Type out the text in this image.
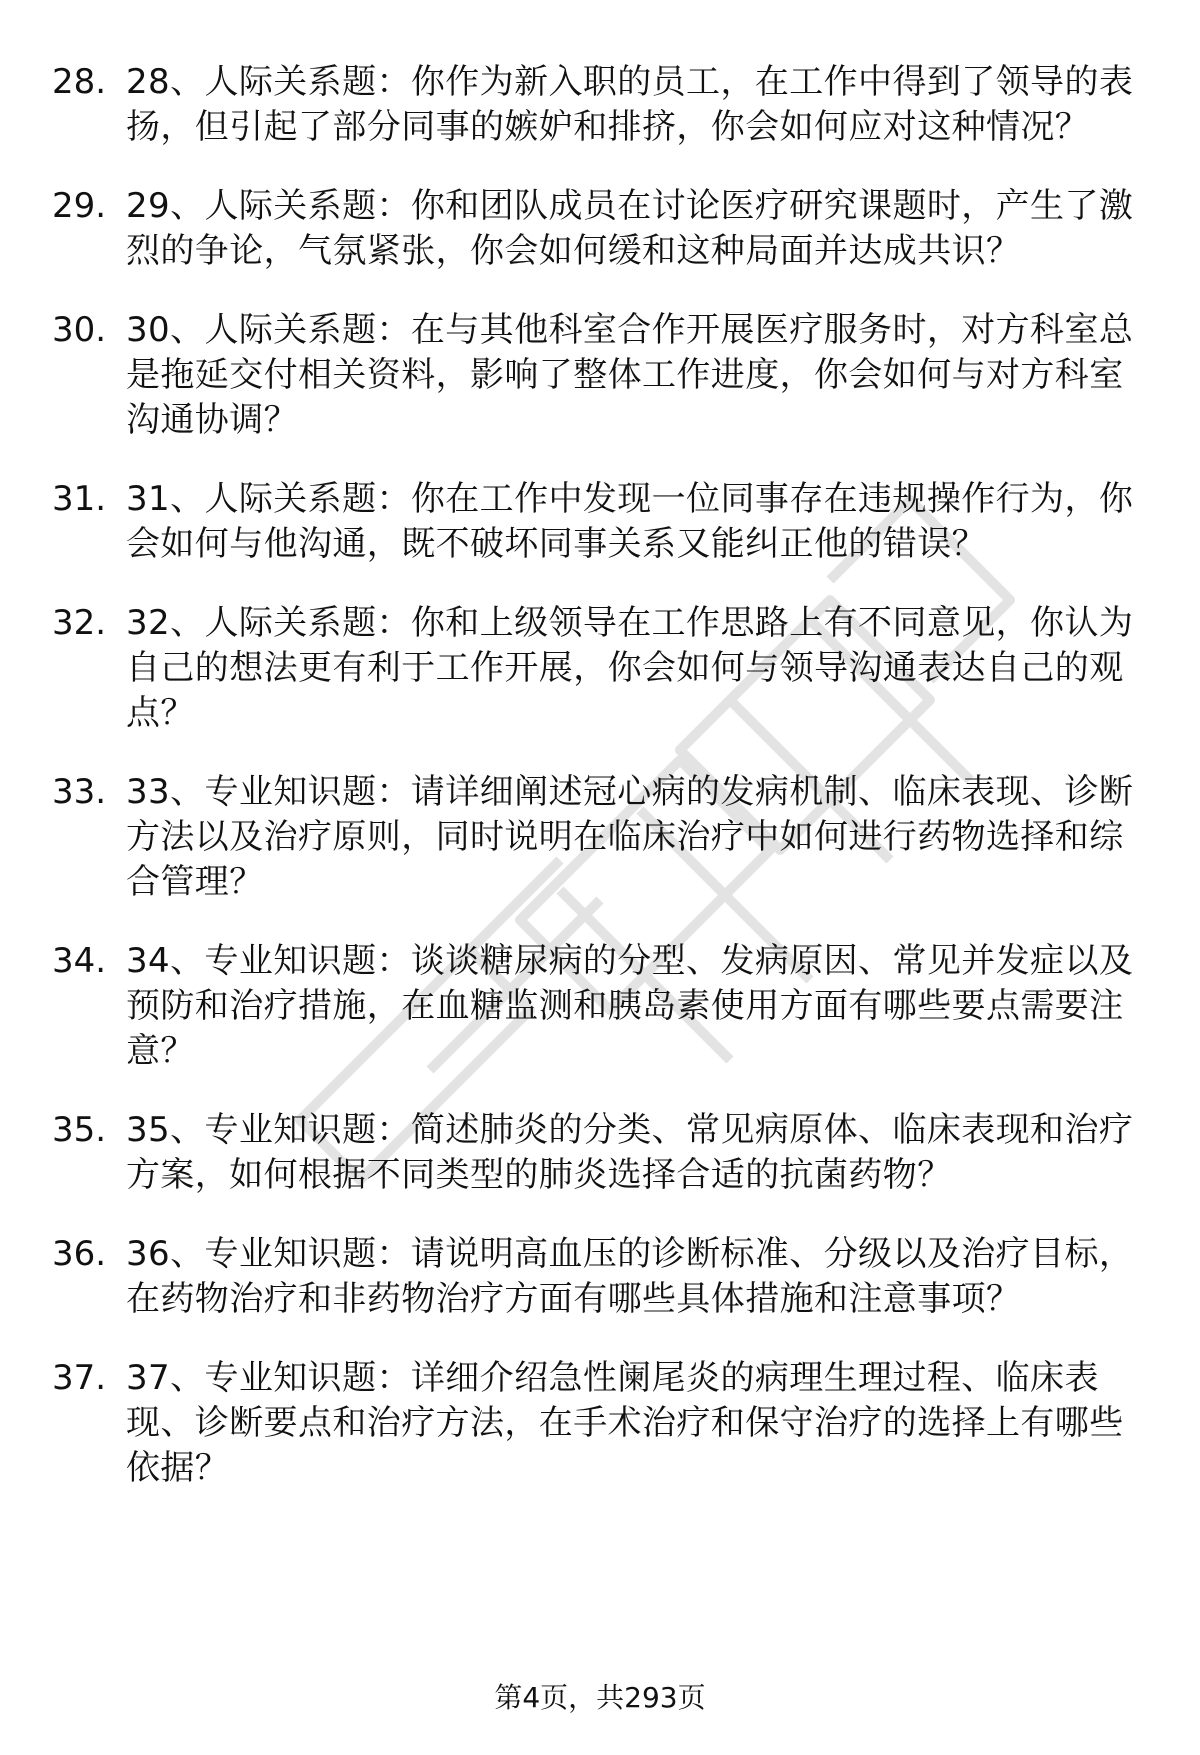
28. 28、人际关系题：你作为新入职的员工，在工作中得到了领导的表扬，但引起了部分同事的嫉妒和排挤，你会如何应对这种情况？
29. 29、人际关系题：你和团队成员在讨论医疗研究课题时，产生了激烈的争论，气氛紧张，你会如何缓和这种局面并达成共识？
30. 30、人际关系题：在与其他科室合作开展医疗服务时，对方科室总是拖延交付相关资料，影响了整体工作进度，你会如何与对方科室沟通协调？
31. 31、人际关系题：你在工作中发现一位同事存在违规操作行为，你会如何与他沟通，既不破坏同事关系又能纠正他的错误？
32. 32、人际关系题：你和上级领导在工作思路上有不同意见，你认为自己的想法更有利于工作开展，你会如何与领导沟通表达自己的观点？
33. 33、专业知识题：请详细阐述冠心病的发病机制、临床表现、诊断方法以及治疗原则，同时说明在临床治疗中如何进行药物选择和综合管理？
34. 34、专业知识题：谈谈糖尿病的分型、发病原因、常见并发症以及预防和治疗措施，在血糖监测和胰岛素使用方面有哪些要点需要注意？
35. 35、专业知识题：简述肺炎的分类、常见病原体、临床表现和治疗方案，如何根据不同类型的肺炎选择合适的抗菌药物？
36. 36、专业知识题：请说明高血压的诊断标准、分级以及治疗目标，在药物治疗和非药物治疗方面有哪些具体措施和注意事项？
37. 37、专业知识题：详细介绍急性阑尾炎的病理生理过程、临床表现、诊断要点和治疗方法，在手术治疗和保守治疗的选择上有哪些依据？
第4页，共293页
